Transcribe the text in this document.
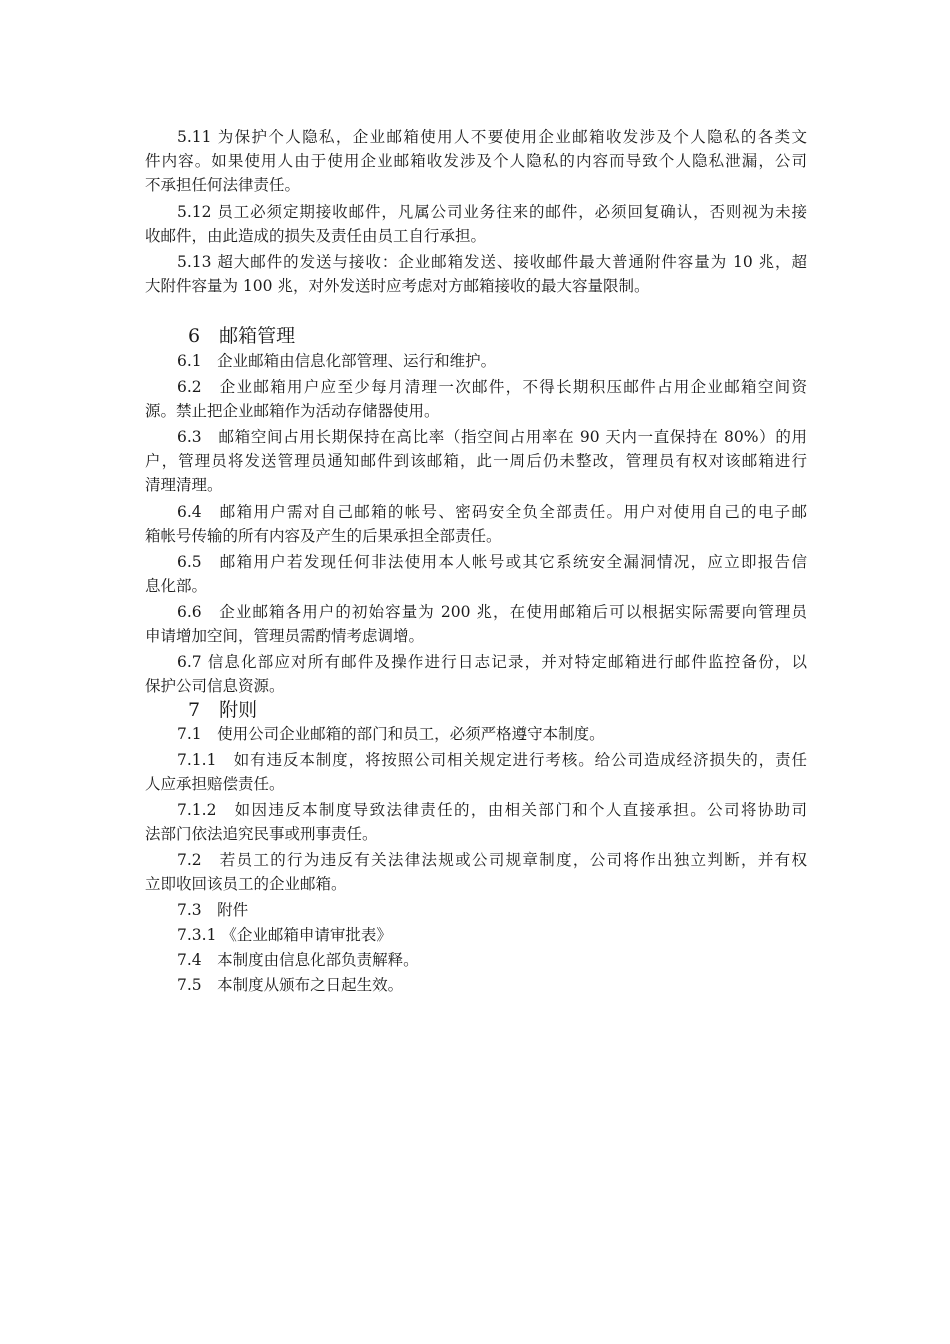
5.11 为保护个人隐私，企业邮箱使用人不要使用企业邮箱收发涉及个人隐私的各类文
件内容。如果使用人由于使用企业邮箱收发涉及个人隐私的内容而导致个人隐私泄漏，公司
不承担任何法律责任。
5.12 员工必须定期接收邮件，凡属公司业务往来的邮件，必须回复确认，否则视为未接
收邮件，由此造成的损失及责任由员工自行承担。
5.13 超大邮件的发送与接收：企业邮箱发送、接收邮件最大普通附件容量为 10 兆，超
大附件容量为 100 兆，对外发送时应考虑对方邮箱接收的最大容量限制。
6　邮箱管理
6.1　企业邮箱由信息化部管理、运行和维护。
6.2　企业邮箱用户应至少每月清理一次邮件，不得长期积压邮件占用企业邮箱空间资
源。禁止把企业邮箱作为活动存储器使用。
6.3　邮箱空间占用长期保持在高比率（指空间占用率在 90 天内一直保持在 80%）的用
户，管理员将发送管理员通知邮件到该邮箱，此一周后仍未整改，管理员有权对该邮箱进行
清理清理。
6.4　邮箱用户需对自己邮箱的帐号、密码安全负全部责任。用户对使用自己的电子邮
箱帐号传输的所有内容及产生的后果承担全部责任。
6.5　邮箱用户若发现任何非法使用本人帐号或其它系统安全漏洞情况，应立即报告信
息化部。
6.6　企业邮箱各用户的初始容量为 200 兆，在使用邮箱后可以根据实际需要向管理员
申请增加空间，管理员需酌情考虑调增。
6.7 信息化部应对所有邮件及操作进行日志记录，并对特定邮箱进行邮件监控备份，以
保护公司信息资源。
7　附则
7.1　使用公司企业邮箱的部门和员工，必须严格遵守本制度。
7.1.1　如有违反本制度，将按照公司相关规定进行考核。给公司造成经济损失的，责任
人应承担赔偿责任。
7.1.2　如因违反本制度导致法律责任的，由相关部门和个人直接承担。公司将协助司
法部门依法追究民事或刑事责任。
7.2　若员工的行为违反有关法律法规或公司规章制度，公司将作出独立判断，并有权
立即收回该员工的企业邮箱。
7.3　附件
7.3.1 《企业邮箱申请审批表》
7.4　本制度由信息化部负责解释。
7.5　本制度从颁布之日起生效。
